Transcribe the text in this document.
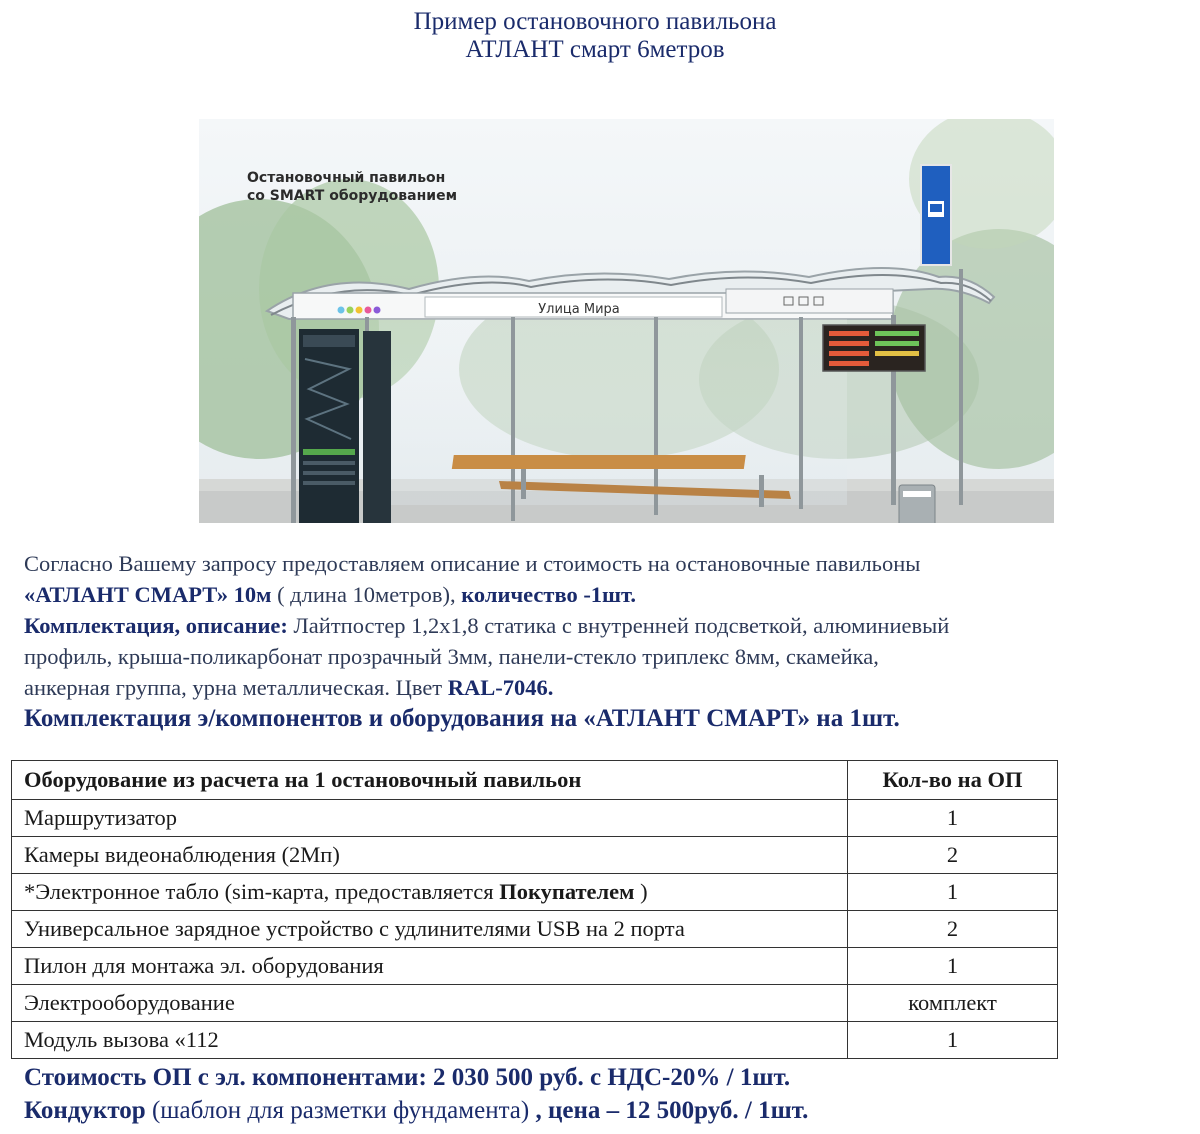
Пример остановочного павильона
АТЛАНТ смарт 6метров
Улица Мира
Остановочный павильон
со SMART оборудованием
Согласно Вашему запросу предоставляем описание и стоимость на остановочные павильоны
«АТЛАНТ СМАРТ» 10м ( длина 10метров), количество -1шт.
Комплектация, описание: Лайтпостер 1,2х1,8 статика с внутренней подсветкой, алюминиевый
профиль, крыша-поликарбонат прозрачный 3мм, панели-стекло триплекс 8мм, скамейка,
анкерная группа, урна металлическая. Цвет RAL-7046.
Комплектация э/компонентов и оборудования на «АТЛАНТ СМАРТ» на 1шт.
Оборудование из расчета на 1 остановочный павильон	Кол-во на ОП
Маршрутизатор	1
Камеры видеонаблюдения (2Мп)	2
*Электронное табло (sim-карта, предоставляется Покупателем )	1
Универсальное зарядное устройство с удлинителями USB на 2 порта	2
Пилон для монтажа эл. оборудования	1
Электрооборудование	комплект
Модуль вызова «112	1
Стоимость ОП с эл. компонентами: 2 030 500 руб. с НДС-20% / 1шт.
Кондуктор (шаблон для разметки фундамента) , цена – 12 500руб. / 1шт.
